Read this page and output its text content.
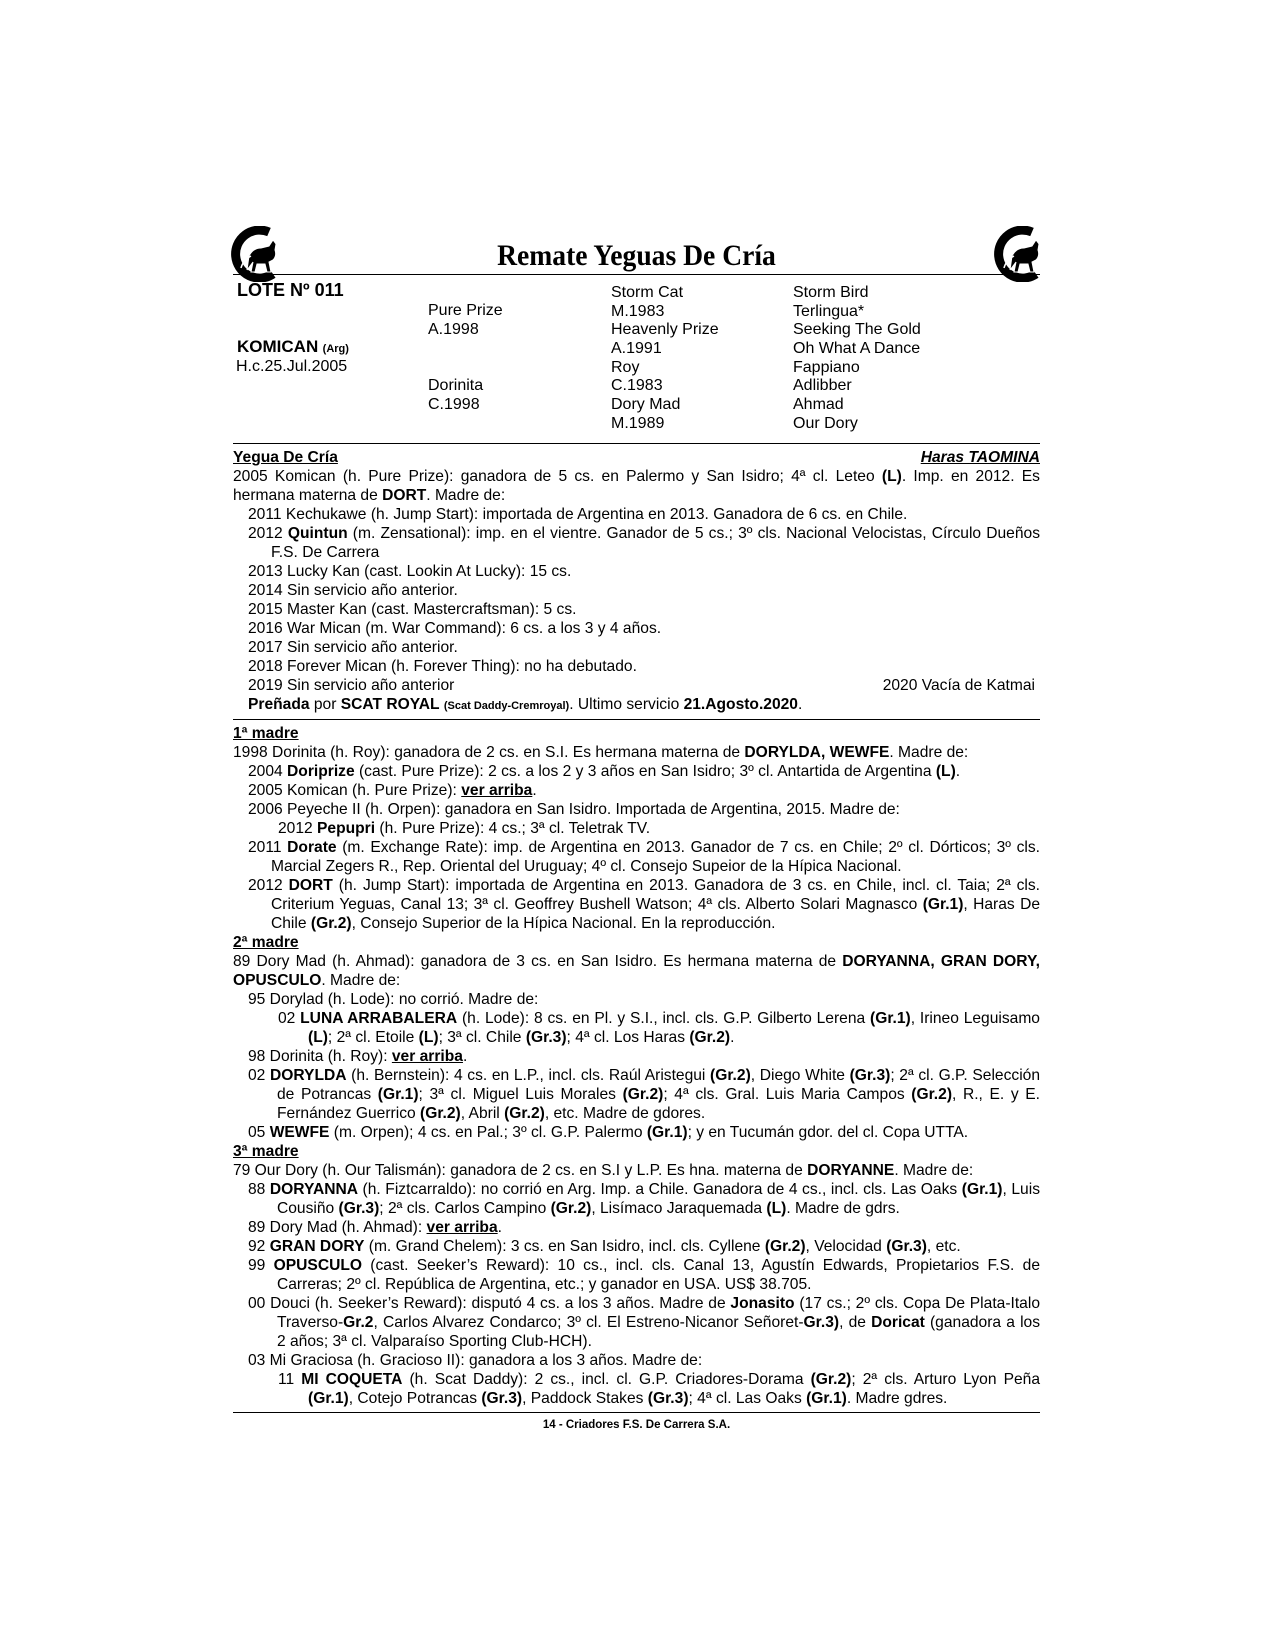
Remate Yeguas De Cría
LOTE Nº 011
KOMICAN (Arg)
H.c.25.Jul.2005
Pure Prize
A.1998
Dorinita
C.1998
Storm Cat
M.1983
Heavenly Prize
A.1991
Roy
C.1983
Dory Mad
M.1989
Storm Bird
Terlingua*
Seeking The Gold
Oh What A Dance
Fappiano
Adlibber
Ahmad
Our Dory
Yegua De Cría	Haras TAOMINA

2005 Komican (h. Pure Prize): ganadora de 5 cs. en Palermo y San Isidro; 4ª cl. Leteo (L). Imp. en 2012. Es hermana materna de DORT. Madre de:

2011 Kechukawe (h. Jump Start): importada de Argentina en 2013. Ganadora de 6 cs. en Chile.

2012 Quintun (m. Zensational): imp. en el vientre. Ganador de 5 cs.; 3º cls. Nacional Velocistas, Círculo Dueños F.S. De Carrera

2013 Lucky Kan (cast. Lookin At Lucky): 15 cs.

2014 Sin servicio año anterior.

2015 Master Kan (cast. Mastercraftsman): 5 cs.

2016 War Mican (m. War Command): 6 cs. a los 3 y 4 años.

2017 Sin servicio año anterior.

2018 Forever Mican (h. Forever Thing): no ha debutado.

2019 Sin servicio año anterior	2020 Vacía de Katmai

Preñada por SCAT ROYAL (Scat Daddy-Cremroyal). Ultimo servicio 21.Agosto.2020.

1ª madre

1998 Dorinita (h. Roy): ganadora de 2 cs. en S.I. Es hermana materna de DORYLDA, WEWFE. Madre de:

2004 Doriprize (cast. Pure Prize): 2 cs. a los 2 y 3 años en San Isidro; 3º cl. Antartida de Argentina (L).

2005 Komican (h. Pure Prize): ver arriba.

2006 Peyeche II (h. Orpen): ganadora en San Isidro. Importada de Argentina, 2015. Madre de:

2012 Pepupri (h. Pure Prize): 4 cs.; 3ª cl. Teletrak TV.

2011 Dorate (m. Exchange Rate): imp. de Argentina en 2013. Ganador de 7 cs. en Chile; 2º cl. Dórticos; 3º cls. Marcial Zegers R., Rep. Oriental del Uruguay; 4º cl. Consejo Supeior de la Hípica Nacional.

2012 DORT (h. Jump Start): importada de Argentina en 2013. Ganadora de 3 cs. en Chile, incl. cl. Taia; 2ª cls. Criterium Yeguas, Canal 13; 3ª cl. Geoffrey Bushell Watson; 4ª cls. Alberto Solari Magnasco (Gr.1), Haras De Chile (Gr.2), Consejo Superior de la Hípica Nacional. En la reproducción.

2ª madre

89 Dory Mad (h. Ahmad): ganadora de 3 cs. en San Isidro. Es hermana materna de DORYANNA, GRAN DORY, OPUSCULO. Madre de:

95 Dorylad (h. Lode): no corrió. Madre de:

02 LUNA ARRABALERA (h. Lode): 8 cs. en Pl. y S.I., incl. cls. G.P. Gilberto Lerena (Gr.1), Irineo Leguisamo (L); 2ª cl. Etoile (L); 3ª cl. Chile (Gr.3); 4ª cl. Los Haras (Gr.2).

98 Dorinita (h. Roy): ver arriba.

02 DORYLDA (h. Bernstein): 4 cs. en L.P., incl. cls. Raúl Aristegui (Gr.2), Diego White (Gr.3); 2ª cl. G.P. Selección de Potrancas (Gr.1); 3ª cl. Miguel Luis Morales (Gr.2); 4ª cls. Gral. Luis Maria Campos (Gr.2), R., E. y E. Fernández Guerrico (Gr.2), Abril (Gr.2), etc. Madre de gdores.

05 WEWFE (m. Orpen); 4 cs. en Pal.; 3º cl. G.P. Palermo (Gr.1); y en Tucumán gdor. del cl. Copa UTTA.

3ª madre

79 Our Dory (h. Our Talismán): ganadora de 2 cs. en S.I y L.P. Es hna. materna de DORYANNE. Madre de:

88 DORYANNA (h. Fiztcarraldo): no corrió en Arg. Imp. a Chile. Ganadora de 4 cs., incl. cls. Las Oaks (Gr.1), Luis Cousiño (Gr.3); 2ª cls. Carlos Campino (Gr.2), Lisímaco Jaraquemada (L). Madre de gdrs.

89 Dory Mad (h. Ahmad): ver arriba.

92 GRAN DORY (m. Grand Chelem): 3 cs. en San Isidro, incl. cls. Cyllene (Gr.2), Velocidad (Gr.3), etc.

99 OPUSCULO (cast. Seeker’s Reward): 10 cs., incl. cls. Canal 13, Agustín Edwards, Propietarios F.S. de Carreras; 2º cl. República de Argentina, etc.; y ganador en USA. US$ 38.705.

00 Douci (h. Seeker’s Reward): disputó 4 cs. a los 3 años. Madre de Jonasito (17 cs.; 2º cls. Copa De Plata-Italo Traverso-Gr.2, Carlos Alvarez Condarco; 3º cl. El Estreno-Nicanor Señoret-Gr.3), de Doricat (ganadora a los 2 años; 3ª cl. Valparaíso Sporting Club-HCH).

03 Mi Graciosa (h. Gracioso II): ganadora a los 3 años. Madre de:

11 MI COQUETA (h. Scat Daddy): 2 cs., incl. cl. G.P. Criadores-Dorama (Gr.2); 2ª cls. Arturo Lyon Peña (Gr.1), Cotejo Potrancas (Gr.3), Paddock Stakes (Gr.3); 4ª cl. Las Oaks (Gr.1). Madre gdres.

14 - Criadores F.S. De Carrera S.A.
